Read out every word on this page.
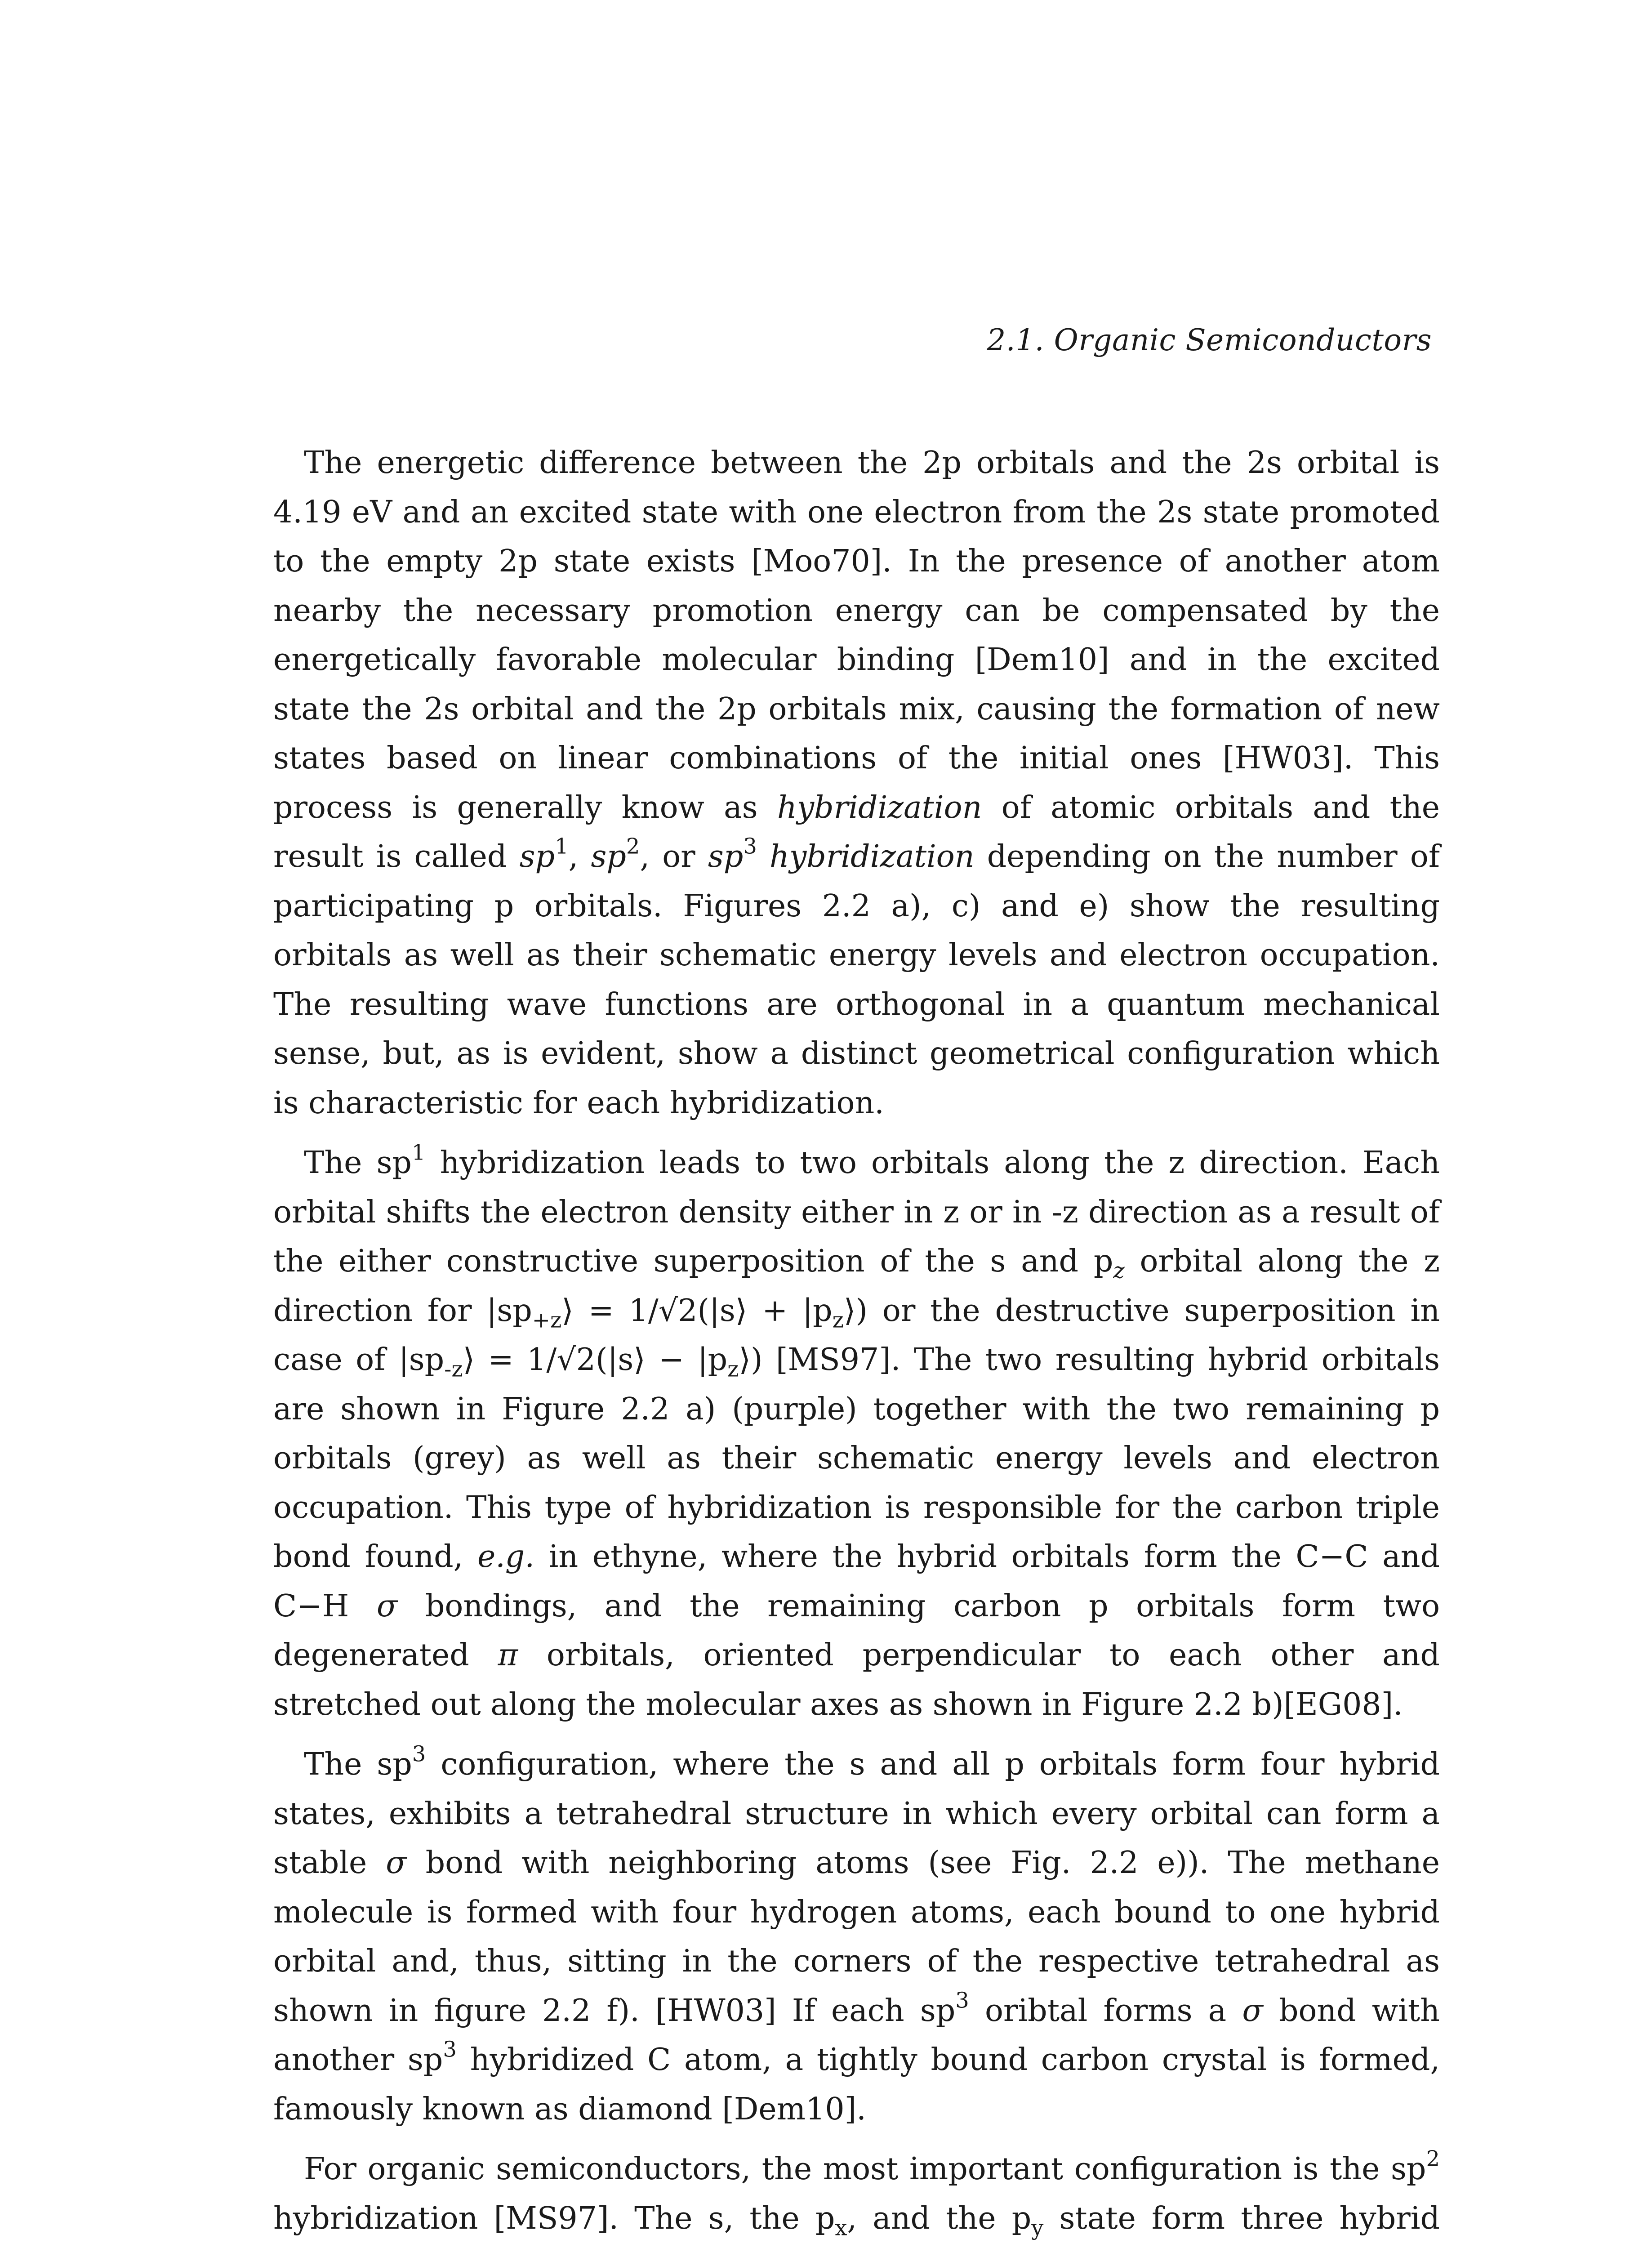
2.1. Organic Semiconductors

The energetic difference between the 2p orbitals and the 2s orbital is 4.19 eV and an excited state with one electron from the 2s state promoted to the empty 2p state exists [Moo70]. In the presence of another atom nearby the necessary promotion energy can be compensated by the energetically favorable molecular binding [Dem10] and in the excited state the 2s orbital and the 2p orbitals mix, causing the formation of new states based on linear combinations of the initial ones [HW03]. This process is generally know as hybridization of atomic orbitals and the result is called $sp^1$, $sp^2$, or $sp^3$ hybridization depending on the number of participating p orbitals. Figures 2.2 a), c) and e) show the resulting orbitals as well as their schematic energy levels and electron occupation. The resulting wave functions are orthogonal in a quantum mechanical sense, but, as is evident, show a distinct geometrical configuration which is characteristic for each hybridization.

The $sp^1$ hybridization leads to two orbitals along the z direction. Each orbital shifts the electron density either in z or in -z direction as a result of the either constructive superposition of the s and $p_z$ orbital along the z direction for $|sp_{+z}⟩$ = 1/√2(|s⟩ + $|p_z⟩$) or the destructive superposition in case of $|sp_{-z}⟩$ = 1/√2(|s⟩ − $|p_z⟩$) [MS97]. The two resulting hybrid orbitals are shown in Figure 2.2 a) (purple) together with the two remaining p orbitals (grey) as well as their schematic energy levels and electron occupation. This type of hybridization is responsible for the carbon triple bond found, e.g. in ethyne, where the hybrid orbitals form the C−C and C−H σ bondings, and the remaining carbon p orbitals form two degenerated π orbitals, oriented perpendicular to each other and stretched out along the molecular axes as shown in Figure 2.2 b)[EG08].

The $sp^3$ configuration, where the s and all p orbitals form four hybrid states, exhibits a tetrahedral structure in which every orbital can form a stable σ bond with neighboring atoms (see Fig. 2.2 e)). The methane molecule is formed with four hydrogen atoms, each bound to one hybrid orbital and, thus, sitting in the corners of the respective tetrahedral as shown in figure 2.2 f). [HW03] If each $sp^3$ oribtal forms a σ bond with another $sp^3$ hybridized C atom, a tightly bound carbon crystal is formed, famously known as diamond [Dem10].

For organic semiconductors, the most important configuration is the $sp^2$ hybridization [MS97]. The s, the $p_x$, and the $p_y$ state form three hybrid
